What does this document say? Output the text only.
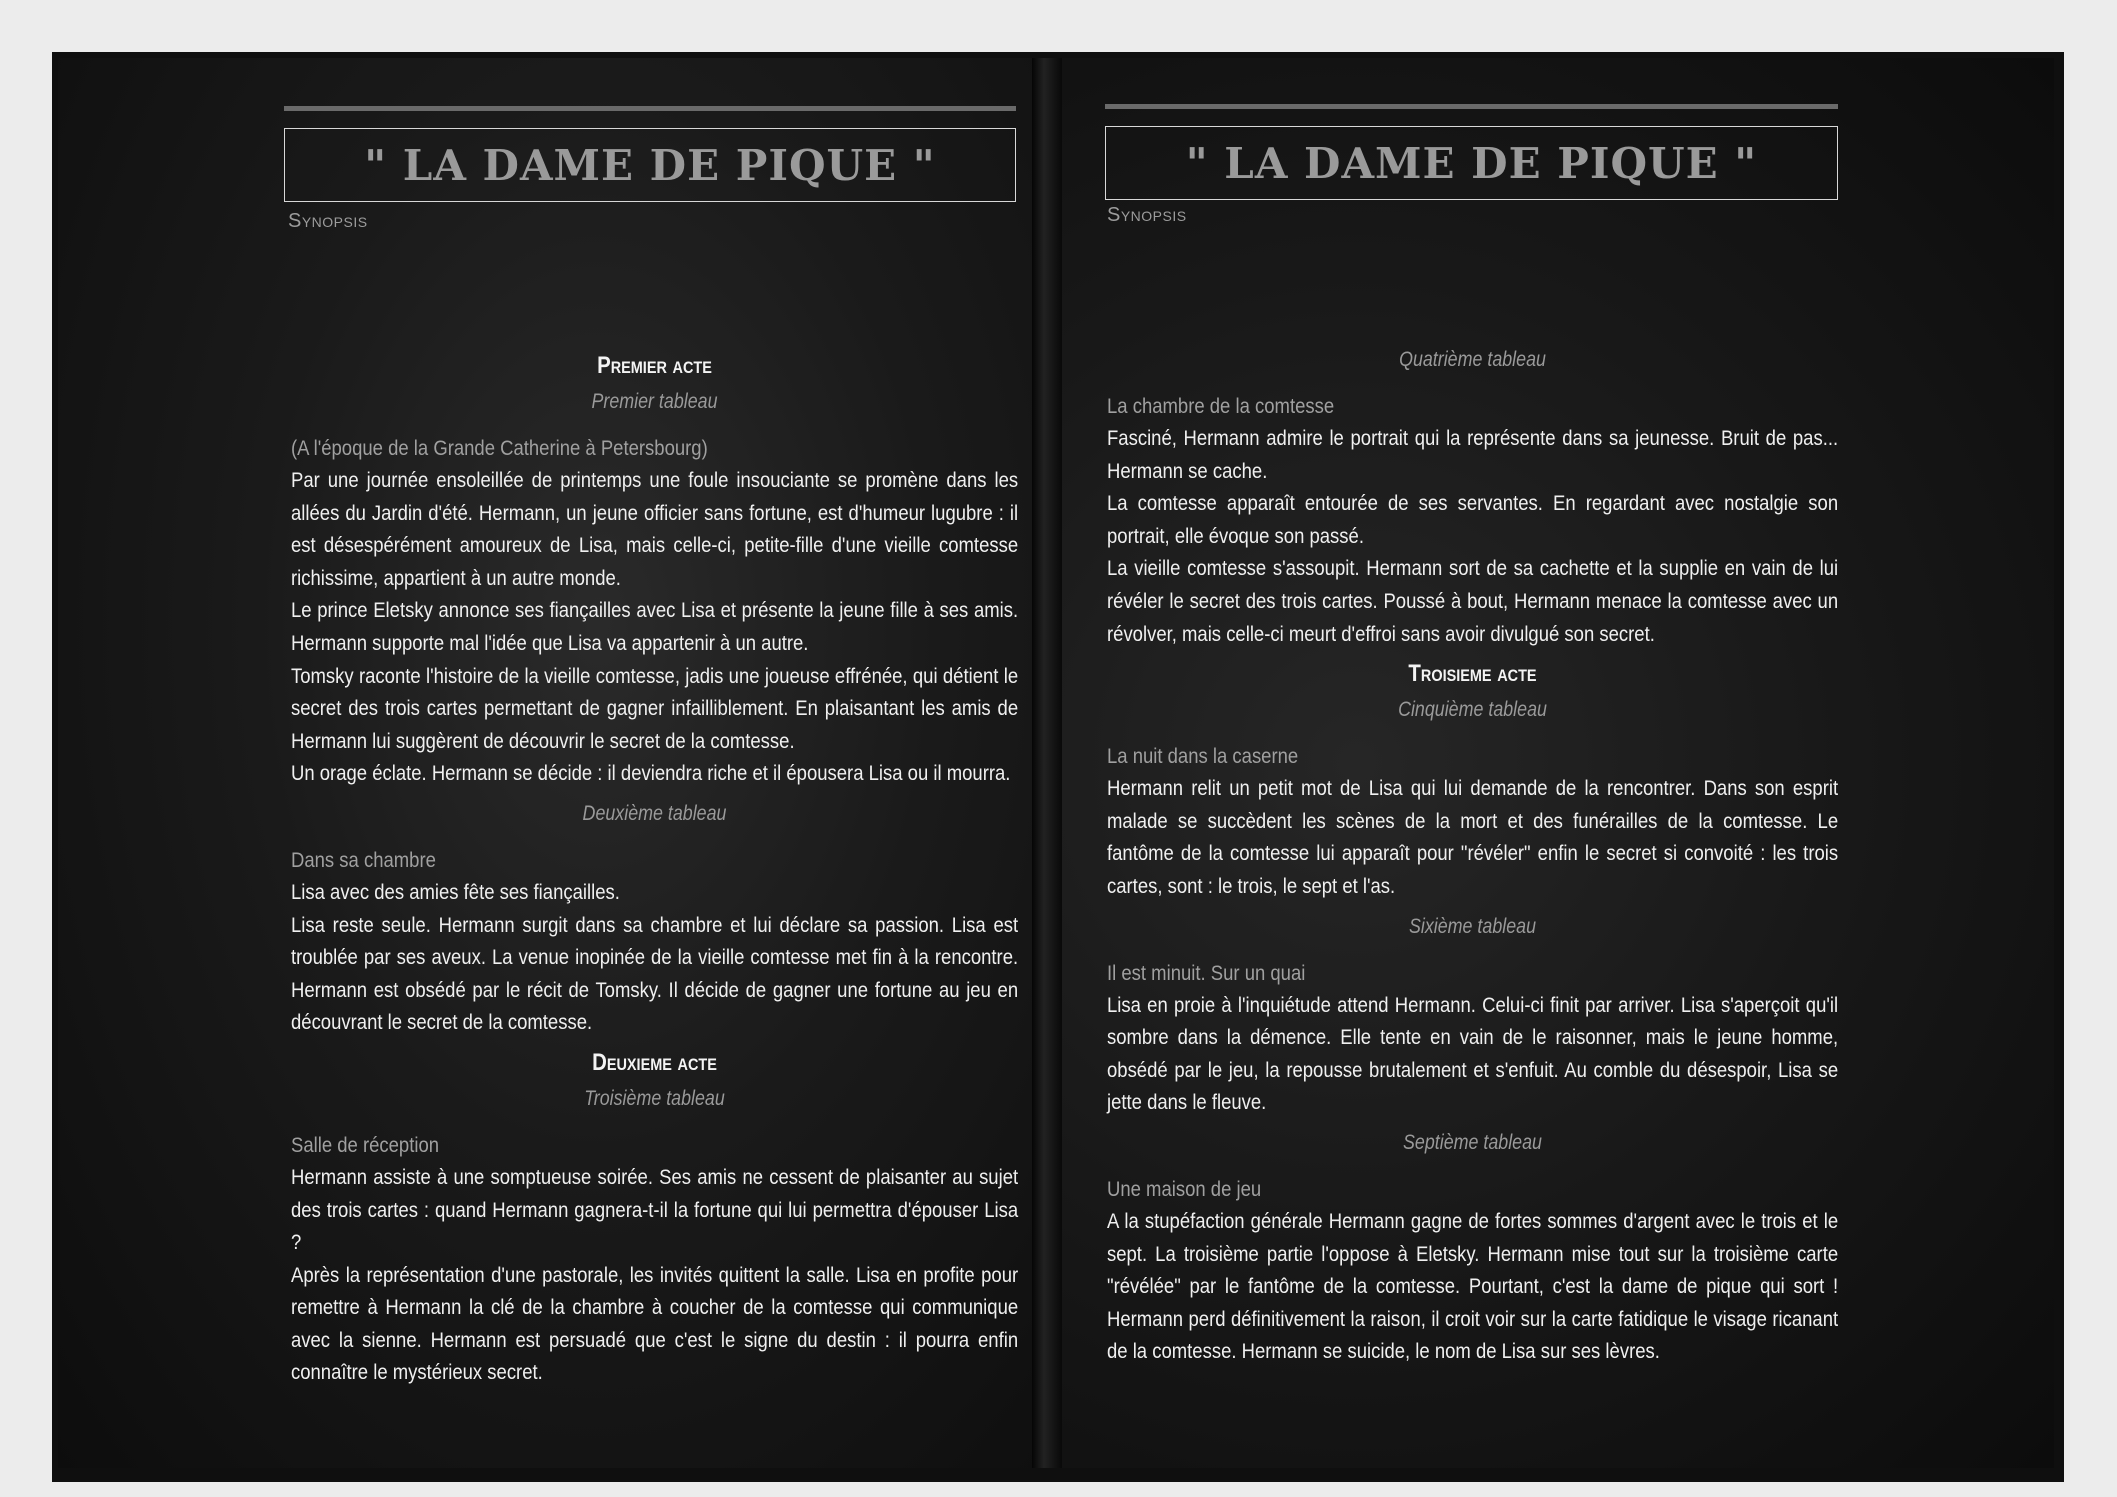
" LA DAME DE PIQUE "
Synopsis
" LA DAME DE PIQUE "
Synopsis
Premier acte
Premier tableau
(A l'époque de la Grande Catherine à Petersbourg)

Par une journée ensoleillée de printemps une foule insouciante se promène dans les allées du Jardin d'été. Hermann, un jeune officier sans fortune, est d'humeur lugubre : il est désespérément amoureux de Lisa, mais celle-ci, petite-fille d'une vieille comtesse richissime, appartient à un autre monde.

Le prince Eletsky annonce ses fiançailles avec Lisa et présente la jeune fille à ses amis. Hermann supporte mal l'idée que Lisa va appartenir à un autre.

Tomsky raconte l'histoire de la vieille comtesse, jadis une joueuse effrénée, qui détient le secret des trois cartes permettant de gagner infailliblement. En plaisantant les amis de Hermann lui suggèrent de découvrir le secret de la comtesse.

Un orage éclate. Hermann se décide : il deviendra riche et il épousera Lisa ou il mourra.

Deuxième tableau
Dans sa chambre

Lisa avec des amies fête ses fiançailles.

Lisa reste seule. Hermann surgit dans sa chambre et lui déclare sa passion. Lisa est troublée par ses aveux. La venue inopinée de la vieille comtesse met fin à la rencontre. Hermann est obsédé par le récit de Tomsky. Il décide de gagner une fortune au jeu en découvrant le secret de la comtesse.

Deuxieme acte
Troisième tableau
Salle de réception

Hermann assiste à une somptueuse soirée. Ses amis ne cessent de plaisanter au sujet des trois cartes : quand Hermann gagnera-t-il la fortune qui lui permettra d'épouser Lisa ?

Après la représentation d'une pastorale, les invités quittent la salle. Lisa en profite pour remettre à Hermann la clé de la chambre à coucher de la comtesse qui communique avec la sienne. Hermann est persuadé que c'est le signe du destin : il pourra enfin connaître le mystérieux secret.

Quatrième tableau
La chambre de la comtesse

Fasciné, Hermann admire le portrait qui la représente dans sa jeunesse. Bruit de pas... Hermann se cache.

La comtesse apparaît entourée de ses servantes. En regardant avec nostalgie son portrait, elle évoque son passé.

La vieille comtesse s'assoupit. Hermann sort de sa cachette et la supplie en vain de lui révéler le secret des trois cartes. Poussé à bout, Hermann menace la comtesse avec un révolver, mais celle-ci meurt d'effroi sans avoir divulgué son secret.

Troisieme acte
Cinquième tableau
La nuit dans la caserne

Hermann relit un petit mot de Lisa qui lui demande de la rencontrer. Dans son esprit malade se succèdent les scènes de la mort et des funérailles de la comtesse. Le fantôme de la comtesse lui apparaît pour "révéler" enfin le secret si convoité : les trois cartes, sont : le trois, le sept et l'as.

Sixième tableau
Il est minuit. Sur un quai

Lisa en proie à l'inquiétude attend Hermann. Celui-ci finit par arriver. Lisa s'aperçoit qu'il sombre dans la démence. Elle tente en vain de le raisonner, mais le jeune homme, obsédé par le jeu, la repousse brutalement et s'enfuit. Au comble du désespoir, Lisa se jette dans le fleuve.

Septième tableau
Une maison de jeu

A la stupéfaction générale Hermann gagne de fortes sommes d'argent avec le trois et le sept. La troisième partie l'oppose à Eletsky. Hermann mise tout sur la troisième carte "révélée" par le fantôme de la comtesse. Pourtant, c'est la dame de pique qui sort ! Hermann perd définitivement la raison, il croit voir sur la carte fatidique le visage ricanant de la comtesse. Hermann se suicide, le nom de Lisa sur ses lèvres.
